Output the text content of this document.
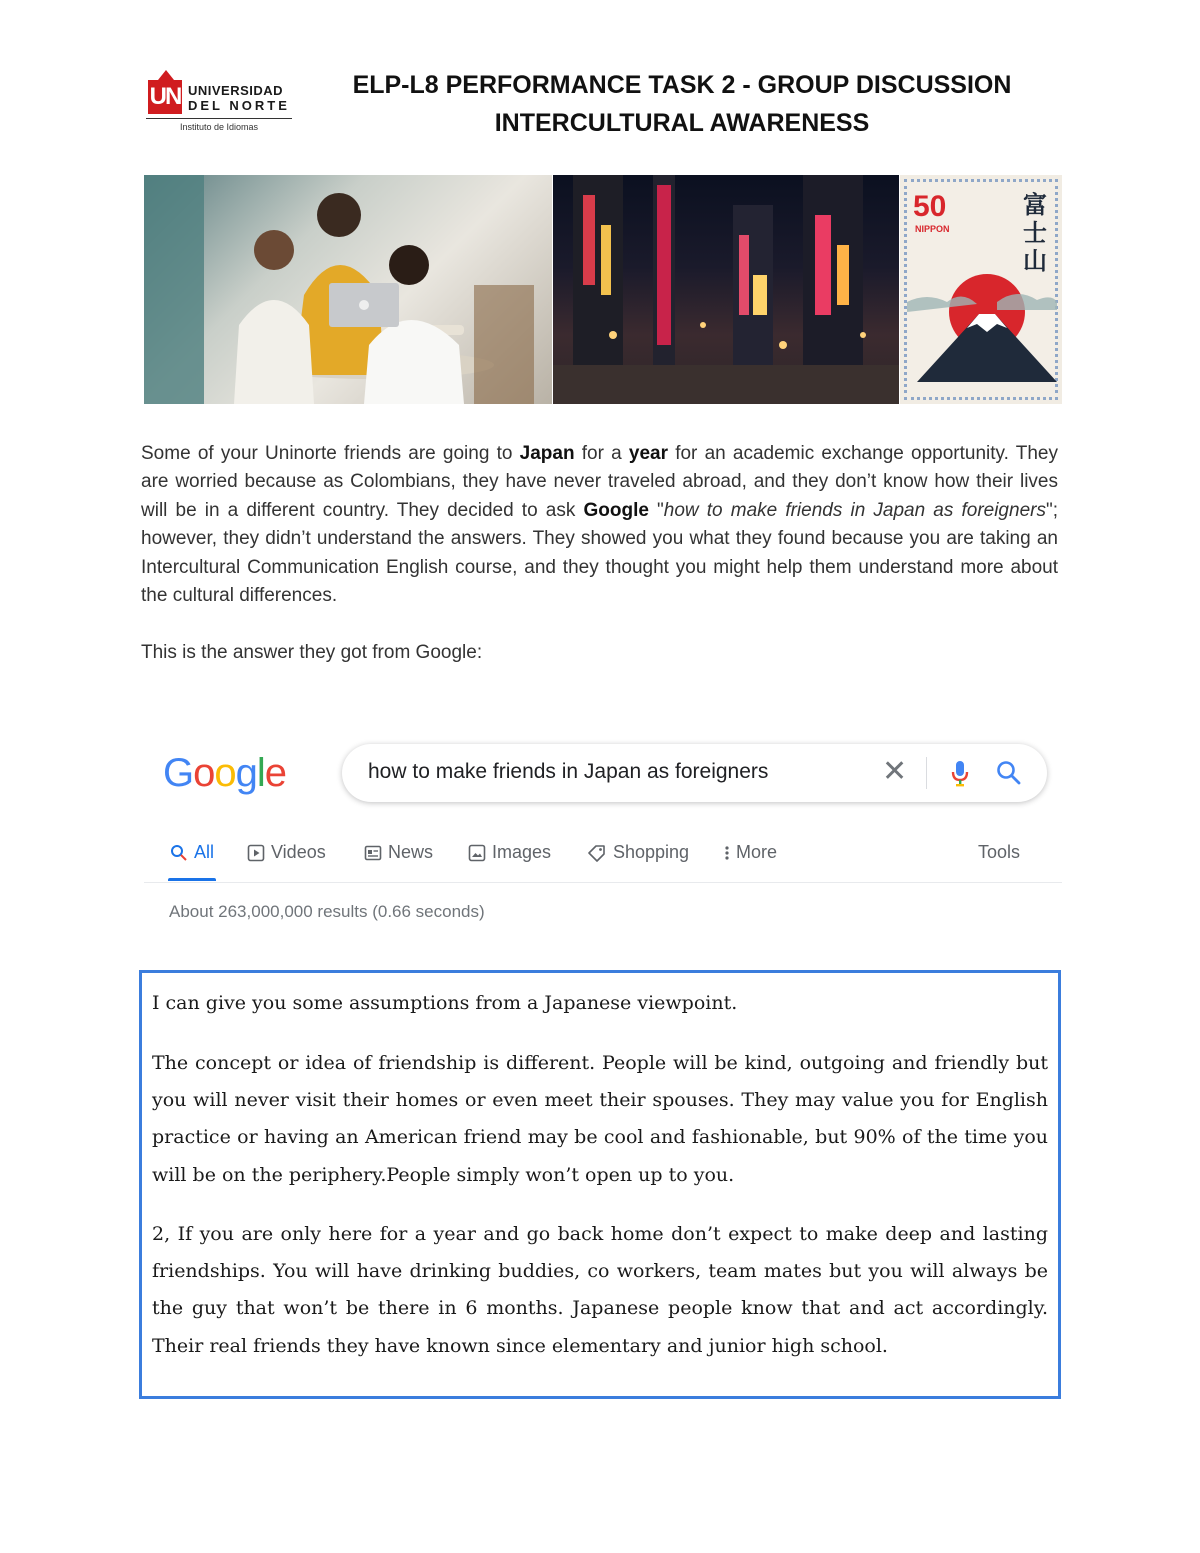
UN UNIVERSIDAD
DEL NORTE
Instituto de Idiomas
ELP-L8 PERFORMANCE TASK 2 - GROUP DISCUSSION
INTERCULTURAL AWARENESS
50
NIPPON
富士山
Some of your Uninorte friends are going to Japan for a year for an academic exchange opportunity. They are worried because as Colombians, they have never traveled abroad, and they don’t know how their lives will be in a different country. They decided to ask Google "how to make friends in Japan as foreigners"; however, they didn’t understand the answers. They showed you what they found because you are taking an Intercultural Communication English course, and they thought you might help them understand more about the cultural differences.
This is the answer they got from Google:
Google	how to make friends in Japan as foreigners	✕
All	Videos	News	Images	Shopping	More	Tools
About 263,000,000 results (0.66 seconds)

I can give you some assumptions from a Japanese viewpoint.

The concept or idea of friendship is different. People will be kind, outgoing and friendly but you will never visit their homes or even meet their spouses. They may value you for English practice or having an American friend may be cool and fashionable, but 90% of the time you will be on the periphery.People simply won’t open up to you.

2, If you are only here for a year and go back home don’t expect to make deep and lasting friendships. You will have drinking buddies, co workers, team mates but you will always be the guy that won’t be there in 6 months. Japanese people know that and act accordingly. Their real friends they have known since elementary and junior high school.
